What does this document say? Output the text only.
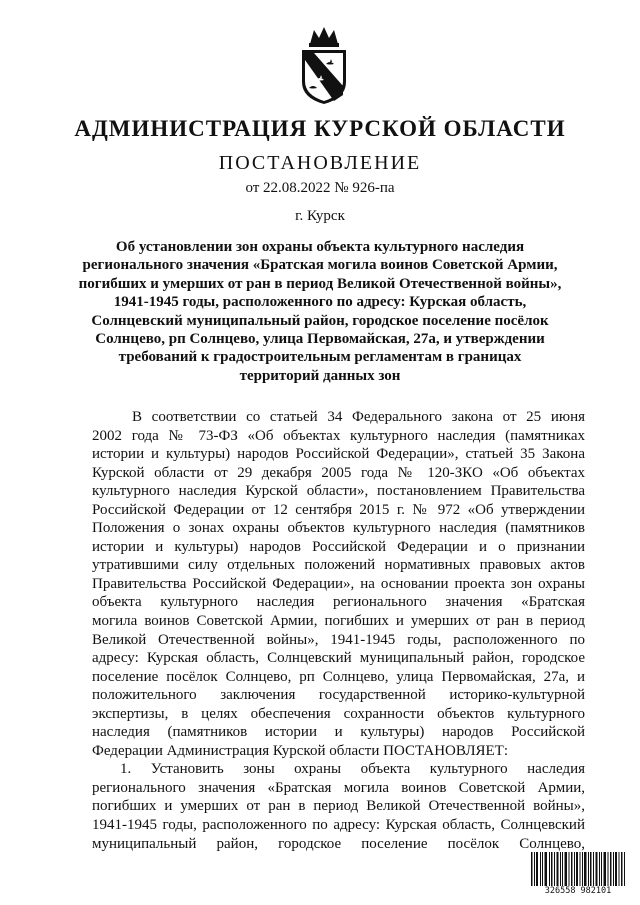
АДМИНИСТРАЦИЯ КУРСКОЙ ОБЛАСТИ
ПОСТАНОВЛЕНИЕ
от 22.08.2022 № 926-па
г. Курск
Об установлении зон охраны объекта культурного наследия
регионального значения «Братская могила воинов Советской Армии,
погибших и умерших от ран в период Великой Отечественной войны»,
1941-1945 годы, расположенного по адресу: Курская область,
Солнцевский муниципальный район, городское поселение посёлок
Солнцево, рп Солнцево, улица Первомайская, 27а, и утверждении
требований к градостроительным регламентам в границах
территорий данных зон
В соответствии со статьей 34 Федерального закона от 25 июня
2002 года № 73-ФЗ «Об объектах культурного наследия (памятниках
истории и культуры) народов Российской Федерации», статьей 35 Закона
Курской области от 29 декабря 2005 года № 120-ЗКО «Об объектах
культурного наследия Курской области», постановлением Правительства
Российской Федерации от 12 сентября 2015 г. № 972 «Об утверждении
Положения о зонах охраны объектов культурного наследия (памятников
истории и культуры) народов Российской Федерации и о признании
утратившими силу отдельных положений нормативных правовых актов
Правительства Российской Федерации», на основании проекта зон охраны
объекта культурного наследия регионального значения «Братская
могила воинов Советской Армии, погибших и умерших от ран в период
Великой Отечественной войны», 1941-1945 годы, расположенного по
адресу: Курская область, Солнцевский муниципальный район, городское
поселение посёлок Солнцево, рп Солнцево, улица Первомайская, 27а, и
положительного заключения государственной историко-культурной
экспертизы, в целях обеспечения сохранности объектов культурного
наследия (памятников истории и культуры) народов Российской
Федерации Администрация Курской области ПОСТАНОВЛЯЕТ:
1. Установить зоны охраны объекта культурного наследия
регионального значения «Братская могила воинов Советской Армии,
погибших и умерших от ран в период Великой Отечественной войны»,
1941-1945 годы, расположенного по адресу: Курская область, Солнцевский
муниципальный район, городское поселение посёлок Солнцево,
326558 982101
